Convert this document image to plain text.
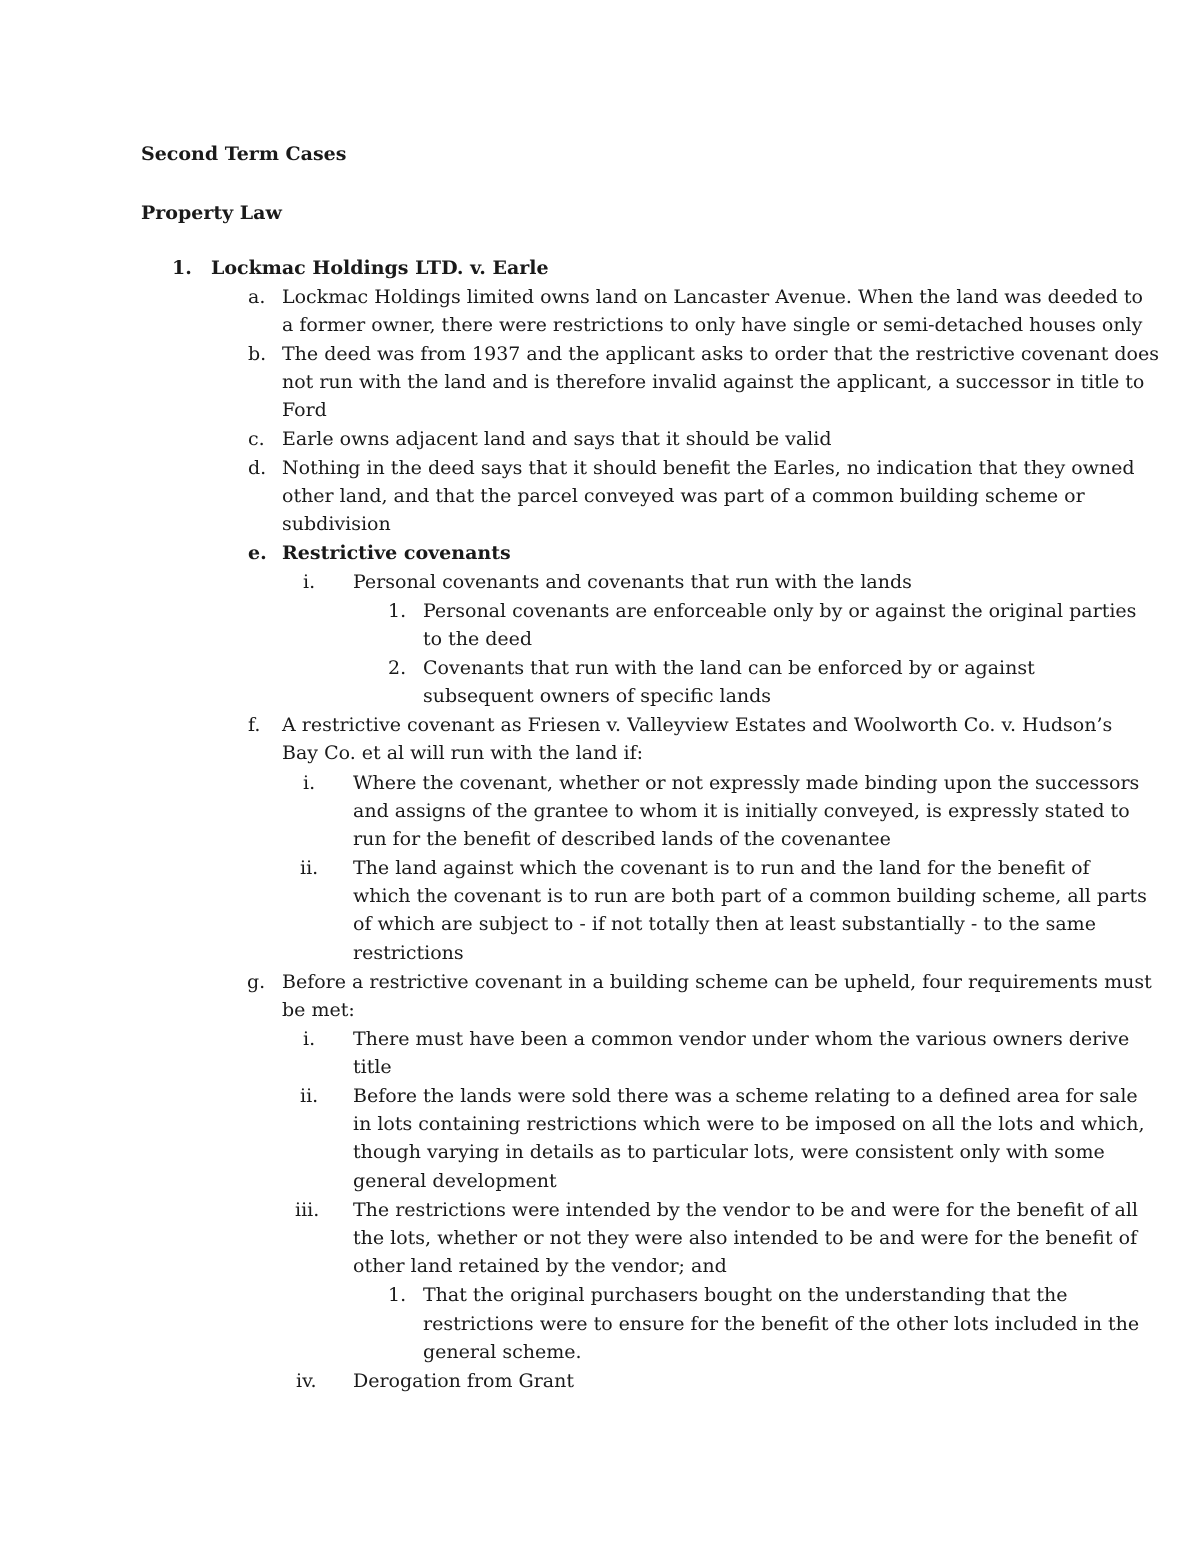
Second Term Cases
Property Law
1. Lockmac Holdings LTD. v. Earle
a. Lockmac Holdings limited owns land on Lancaster Avenue. When the land was deeded to
a former owner, there were restrictions to only have single or semi-detached houses only
b. The deed was from 1937 and the applicant asks to order that the restrictive covenant does
not run with the land and is therefore invalid against the applicant, a successor in title to
Ford
c. Earle owns adjacent land and says that it should be valid
d. Nothing in the deed says that it should benefit the Earles, no indication that they owned
other land, and that the parcel conveyed was part of a common building scheme or
subdivision
e. Restrictive covenants
i. Personal covenants and covenants that run with the lands
1. Personal covenants are enforceable only by or against the original parties
to the deed
2. Covenants that run with the land can be enforced by or against
subsequent owners of specific lands
f. A restrictive covenant as Friesen v. Valleyview Estates and Woolworth Co. v. Hudson’s
Bay Co. et al will run with the land if:
i. Where the covenant, whether or not expressly made binding upon the successors
and assigns of the grantee to whom it is initially conveyed, is expressly stated to
run for the benefit of described lands of the covenantee
ii. The land against which the covenant is to run and the land for the benefit of
which the covenant is to run are both part of a common building scheme, all parts
of which are subject to - if not totally then at least substantially - to the same
restrictions
g. Before a restrictive covenant in a building scheme can be upheld, four requirements must
be met:
i. There must have been a common vendor under whom the various owners derive
title
ii. Before the lands were sold there was a scheme relating to a defined area for sale
in lots containing restrictions which were to be imposed on all the lots and which,
though varying in details as to particular lots, were consistent only with some
general development
iii. The restrictions were intended by the vendor to be and were for the benefit of all
the lots, whether or not they were also intended to be and were for the benefit of
other land retained by the vendor; and
1. That the original purchasers bought on the understanding that the
restrictions were to ensure for the benefit of the other lots included in the
general scheme.
iv. Derogation from Grant
